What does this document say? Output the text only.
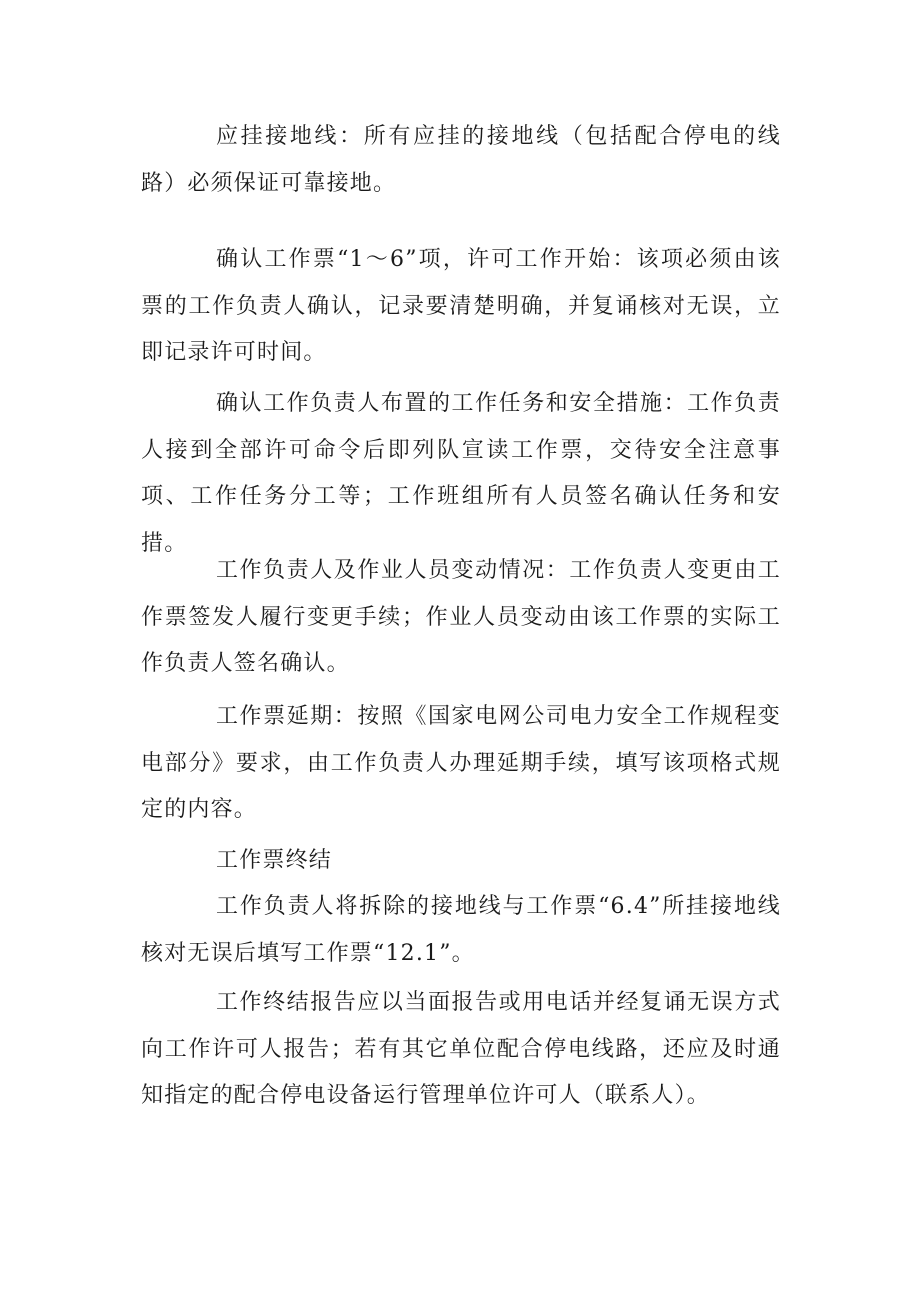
应挂接地线：所有应挂的接地线（包括配合停电的线路）必须保证可靠接地。

确认工作票“1～6”项，许可工作开始：该项必须由该票的工作负责人确认，记录要清楚明确，并复诵核对无误，立即记录许可时间。

确认工作负责人布置的工作任务和安全措施：工作负责人接到全部许可命令后即列队宣读工作票，交待安全注意事项、工作任务分工等；工作班组所有人员签名确认任务和安措。

工作负责人及作业人员变动情况：工作负责人变更由工作票签发人履行变更手续；作业人员变动由该工作票的实际工作负责人签名确认。

工作票延期：按照《国家电网公司电力安全工作规程变电部分》要求，由工作负责人办理延期手续，填写该项格式规定的内容。

工作票终结

工作负责人将拆除的接地线与工作票“6.4”所挂接地线核对无误后填写工作票“12.1”。

工作终结报告应以当面报告或用电话并经复诵无误方式向工作许可人报告；若有其它单位配合停电线路，还应及时通知指定的配合停电设备运行管理单位许可人（联系人）。
